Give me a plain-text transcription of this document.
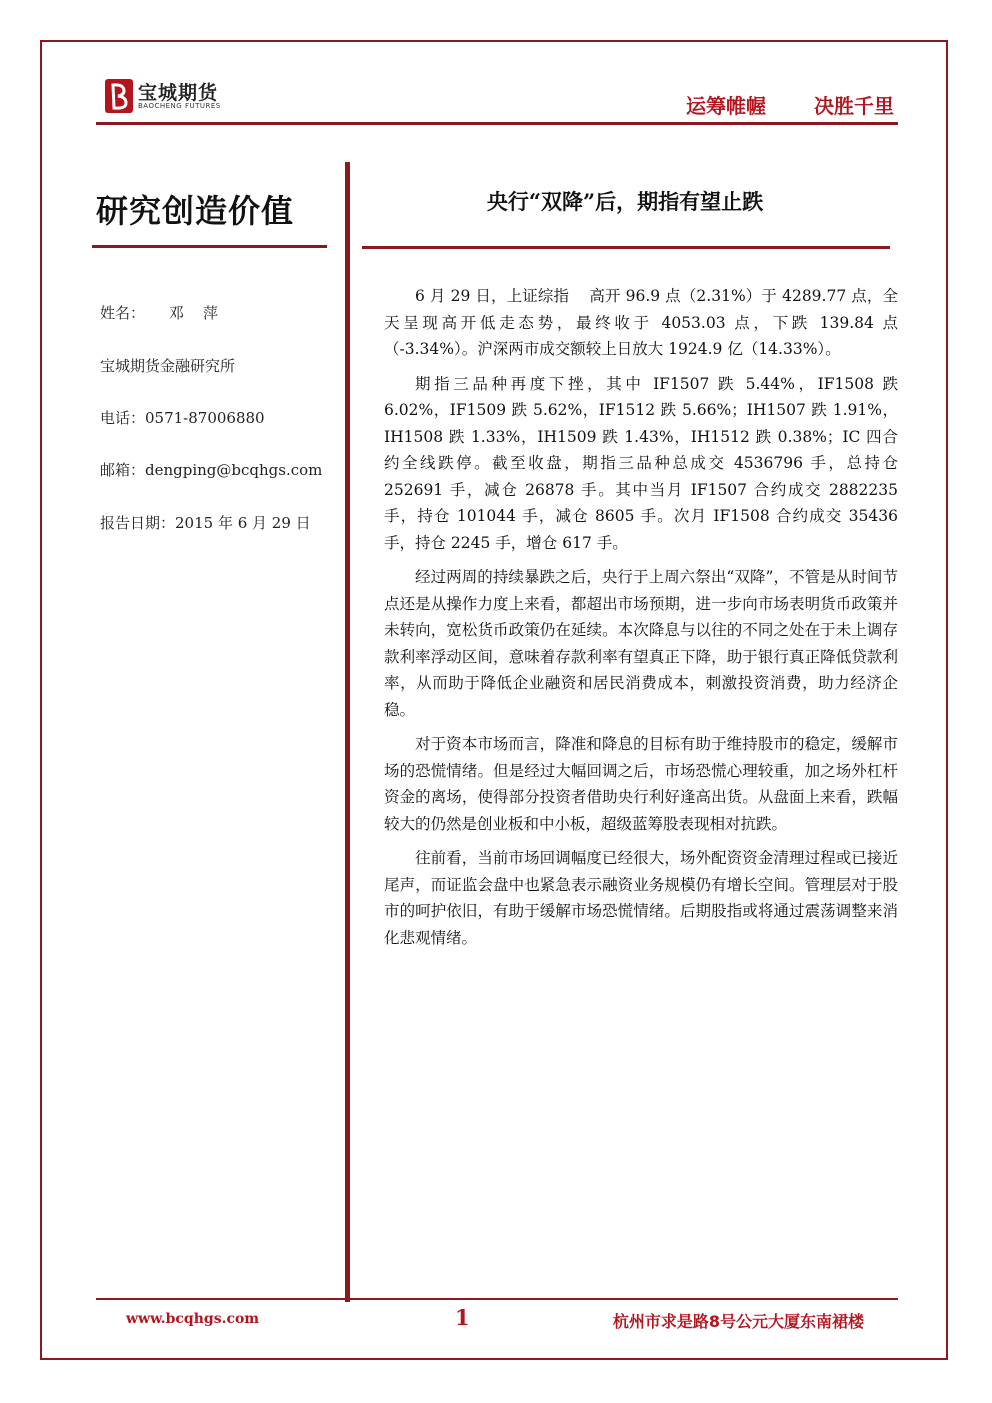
宝城期货
BAOCHENG FUTURES	运筹帷幄 决胜千里
研究创造价值	央行“双降”后，期指有望止跌
姓名：     邓    萍
宝城期货金融研究所
电话：0571-87006880
邮箱：dengping@bcqhgs.com
报告日期：2015 年 6 月 29 日

6 月 29 日，上证综指    高开 96.9 点（2.31%）于 4289.77 点，全天呈现高开低走态势，最终收于 4053.03 点，下跌 139.84 点（-3.34%）。沪深两市成交额较上日放大 1924.9 亿（14.33%）。

期指三品种再度下挫，其中 IF1507 跌 5.44%，IF1508 跌 6.02%，IF1509 跌 5.62%，IF1512 跌 5.66%；IH1507 跌 1.91%，IH1508 跌 1.33%，IH1509 跌 1.43%，IH1512 跌 0.38%；IC 四合约全线跌停。截至收盘，期指三品种总成交 4536796 手，总持仓 252691 手，减仓 26878 手。其中当月 IF1507 合约成交 2882235 手，持仓 101044 手，减仓 8605 手。次月 IF1508 合约成交 35436 手，持仓 2245 手，增仓 617 手。

经过两周的持续暴跌之后，央行于上周六祭出“双降”，不管是从时间节点还是从操作力度上来看，都超出市场预期，进一步向市场表明货币政策并未转向，宽松货币政策仍在延续。本次降息与以往的不同之处在于未上调存款利率浮动区间，意味着存款利率有望真正下降，助于银行真正降低贷款利率，从而助于降低企业融资和居民消费成本，刺激投资消费，助力经济企稳。

对于资本市场而言，降准和降息的目标有助于维持股市的稳定，缓解市场的恐慌情绪。但是经过大幅回调之后，市场恐慌心理较重，加之场外杠杆资金的离场，使得部分投资者借助央行利好逢高出货。从盘面上来看，跌幅较大的仍然是创业板和中小板，超级蓝筹股表现相对抗跌。

往前看，当前市场回调幅度已经很大，场外配资资金清理过程或已接近尾声，而证监会盘中也紧急表示融资业务规模仍有增长空间。管理层对于股市的呵护依旧，有助于缓解市场恐慌情绪。后期股指或将通过震荡调整来消化悲观情绪。

www.bcqhgs.com	1	杭州市求是路8号公元大厦东南裙楼
